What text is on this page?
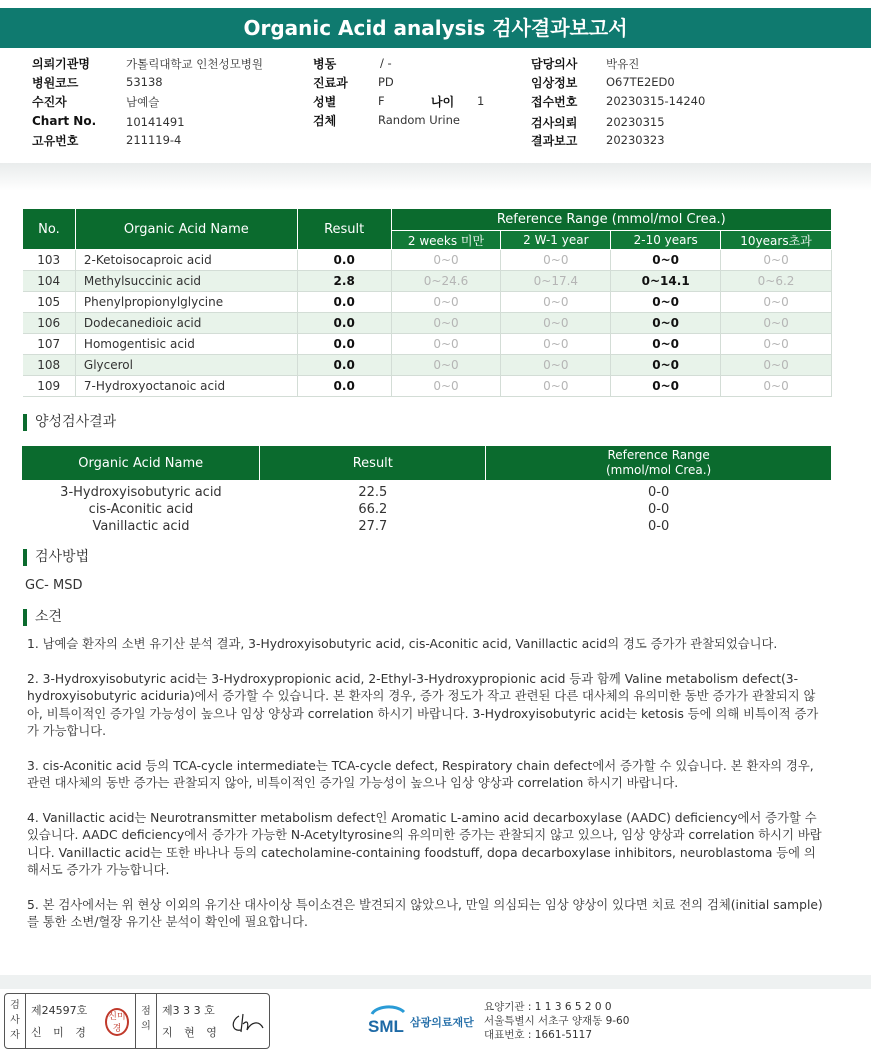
Organic Acid analysis 검사결과보고서
의뢰기관명	가톨릭대학교 인천성모병원
병원코드	53138
수진자	남예슬
Chart No.	10141491
고유번호	211119-4
병동	/ -
진료과	PD
성별	F	나이 1
검체	Random Urine
담당의사 박유진
임상정보 O67TE2ED0
접수번호 20230315-14240
검사의뢰 20230315
결과보고 20230323
No.	Organic Acid Name	Result	Reference Range (mmol/mol Crea.)			
			2 weeks 미만	2 W-1 year	2-10 years	10years초과
103	2-Ketoisocaproic acid	0.0	0~0	0~0	0~0	0~0
104	Methylsuccinic acid	2.8	0~24.6	0~17.4	0~14.1	0~6.2
105	Phenylpropionylglycine	0.0	0~0	0~0	0~0	0~0
106	Dodecanedioic acid	0.0	0~0	0~0	0~0	0~0
107	Homogentisic acid	0.0	0~0	0~0	0~0	0~0
108	Glycerol	0.0	0~0	0~0	0~0	0~0
109	7-Hydroxyoctanoic acid	0.0	0~0	0~0	0~0	0~0
양성검사결과
Organic Acid Name	Result	Reference Range
(mmol/mol Crea.)

3-Hydroxyisobutyric acid	22.5	0-0
cis-Aconitic acid	66.2	0-0
Vanillactic acid	27.7	0-0
검사방법
GC- MSD
소견

1. 남예슬 환자의 소변 유기산 분석 결과, 3-Hydroxyisobutyric acid, cis-Aconitic acid, Vanillactic acid의 경도 증가가 관찰되었습니다.

2. 3-Hydroxyisobutyric acid는 3-Hydroxypropionic acid, 2-Ethyl-3-Hydroxypropionic acid 등과 함께 Valine metabolism defect(3-hydroxyisobutyric aciduria)에서 증가할 수 있습니다. 본 환자의 경우, 증가 정도가 작고 관련된 다른 대사체의 유의미한 동반 증가가 관찰되지 않아, 비특이적인 증가일 가능성이 높으나 임상 양상과 correlation 하시기 바랍니다. 3-Hydroxyisobutyric acid는 ketosis 등에 의해 비특이적 증가가 가능합니다.

3. cis-Aconitic acid 등의 TCA-cycle intermediate는 TCA-cycle defect, Respiratory chain defect에서 증가할 수 있습니다. 본 환자의 경우, 관련 대사체의 동반 증가는 관찰되지 않아, 비특이적인 증가일 가능성이 높으나 임상 양상과 correlation 하시기 바랍니다.

4. Vanillactic acid는 Neurotransmitter metabolism defect인 Aromatic L-amino acid decarboxylase (AADC) deficiency에서 증가할 수 있습니다. AADC deficiency에서 증가가 가능한 N-Acetyltyrosine의 유의미한 증가는 관찰되지 않고 있으나, 임상 양상과 correlation 하시기 바랍니다. Vanillactic acid는 또한 바나나 등의 catecholamine-containing foodstuff, dopa decarboxylase inhibitors, neuroblastoma 등에 의해서도 증가가 가능합니다.

5. 본 검사에서는 위 현상 이외의 유기산 대사이상 특이소견은 발견되지 않았으나, 만일 의심되는 임상 양상이 있다면 치료 전의 검체(initial sample)를 통한 소변/혈장 유기산 분석이 확인에 필요합니다.

검
사
자
제24597호
신 미 경
신미경
점
의
제3 3 3 호
지 현 영	SML 삼광의료재단
요양기관 : 1 1 3 6 5 2 0 0
서울특별시 서초구 양재동 9-60
대표번호 : 1661-5117
